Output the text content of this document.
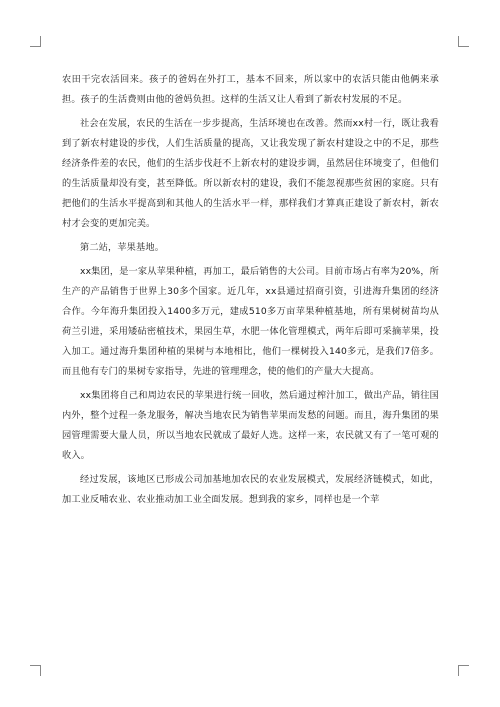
农田干完农活回来。孩子的爸妈在外打工，基本不回来，所以家中的农活只能由他俩来承担。孩子的生活费则由他的爸妈负担。这样的生活又让人看到了新农村发展的不足。

社会在发展，农民的生活在一步步提高，生活环境也在改善。然而xx村一行，既让我看到了新农村建设的步伐，人们生活质量的提高，又让我发现了新农村建设之中的不足，那些经济条件差的农民，他们的生活步伐赶不上新农村的建设步调，虽然居住环境变了，但他们的生活质量却没有变，甚至降低。所以新农村的建设，我们不能忽视那些贫困的家庭。只有把他们的生活水平提高到和其他人的生活水平一样，那样我们才算真正建设了新农村，新农村才会变的更加完美。

第二站，苹果基地。

xx集团，是一家从苹果种植，再加工，最后销售的大公司。目前市场占有率为20%，所生产的产品销售于世界上30多个国家。近几年，xx县通过招商引资，引进海升集团的经济合作。今年海升集团投入1400多万元，建成510多万亩苹果种植基地，所有果树树苗均从荷兰引进，采用矮砧密植技术，果园生草，水肥一体化管理模式，两年后即可采摘苹果，投入加工。通过海升集团种植的果树与本地相比，他们一棵树投入140多元，是我们7倍多。而且他有专门的果树专家指导，先进的管理理念，使的他们的产量大大提高。

xx集团将自己和周边农民的苹果进行统一回收，然后通过榨汁加工，做出产品，销往国内外，整个过程一条龙服务，解决当地农民为销售苹果而发愁的问题。而且，海升集团的果园管理需要大量人员，所以当地农民就成了最好人选。这样一来，农民就又有了一笔可观的收入。

经过发展，该地区已形成公司加基地加农民的农业发展模式，发展经济链模式，如此，加工业反哺农业、农业推动加工业全面发展。想到我的家乡，同样也是一个苹
